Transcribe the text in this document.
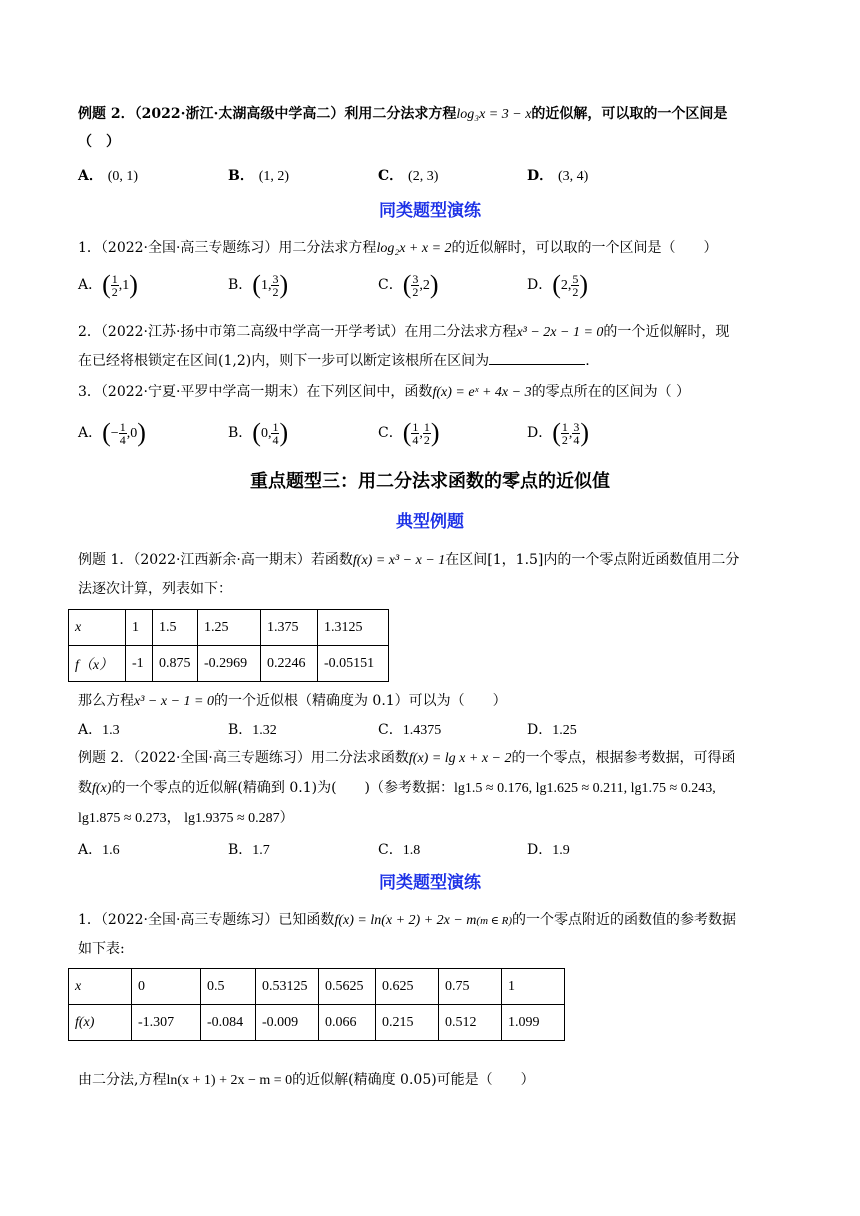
例题 2．（2022·浙江·太湖高级中学高二）利用二分法求方程log₃x = 3 − x的近似解，可以取的一个区间是
（　）
A． (0, 1)	B． (1, 2)	C． (2, 3)	D． (3, 4)
同类题型演练
1．（2022·全国·高三专题练习）用二分法求方程log₂x + x = 2的近似解时，可以取的一个区间是（　　）
A．( $\frac{1}{2} ,1$)	B．(1, $\frac{3}{2}$ )	C．( $\frac{3}{2} ,2$)	D．(2, $\frac{5}{2}$ )
2．（2022·江苏·扬中市第二高级中学高一开学考试）在用二分法求方程x³ − 2x − 1 = 0的一个近似解时，现
在已经将根锁定在区间(1,2)内，则下一步可以断定该根所在区间为	.
3．（2022·宁夏·平罗中学高一期末）在下列区间中，函数f(x) = eˣ + 4x − 3的零点所在的区间为（ ）
A．(− $\frac{1}{4} ,0$)	B．(0, $\frac{1}{4}$ )	C．( $\frac{1}{4}$ , $\frac{1}{2}$ )	D．( $\frac{1}{2}$ , $\frac{3}{4}$ )
重点题型三：用二分法求函数的零点的近似值
典型例题
例题 1．（2022·江西新余·高一期末）若函数f(x) = x³ − x − 1在区间[1，1.5]内的一个零点附近函数值用二分
法逐次计算，列表如下：
x	1	1.5	1.25	1.375	1.3125
f（x）	-1	0.875	-0.2969	0.2246	-0.05151
那么方程x³ − x − 1 = 0的一个近似根（精确度为 0.1）可以为（　　）
A．1.3	B．1.32	C．1.4375	D．1.25
例题 2．（2022·全国·高三专题练习）用二分法求函数f(x) = lg x + x − 2的一个零点，根据参考数据，可得函
数f(x)的一个零点的近似解(精确到 0.1)为(　　)（参考数据：lg1.5 ≈ 0.176, lg1.625 ≈ 0.211, lg1.75 ≈ 0.243,
lg1.875 ≈ 0.273， lg1.9375 ≈ 0.287）
A．1.6	B．1.7	C．1.8	D．1.9
同类题型演练
1．（2022·全国·高三专题练习）已知函数f(x) = ln(x + 2) + 2x − m(m ∈ R)的一个零点附近的函数值的参考数据
如下表:
x	0	0.5	0.53125	0.5625	0.625	0.75	1
f(x)	-1.307	-0.084	-0.009	0.066	0.215	0.512	1.099
由二分法,方程ln(x + 1) + 2x − m = 0的近似解(精确度 0.05)可能是（　　）
